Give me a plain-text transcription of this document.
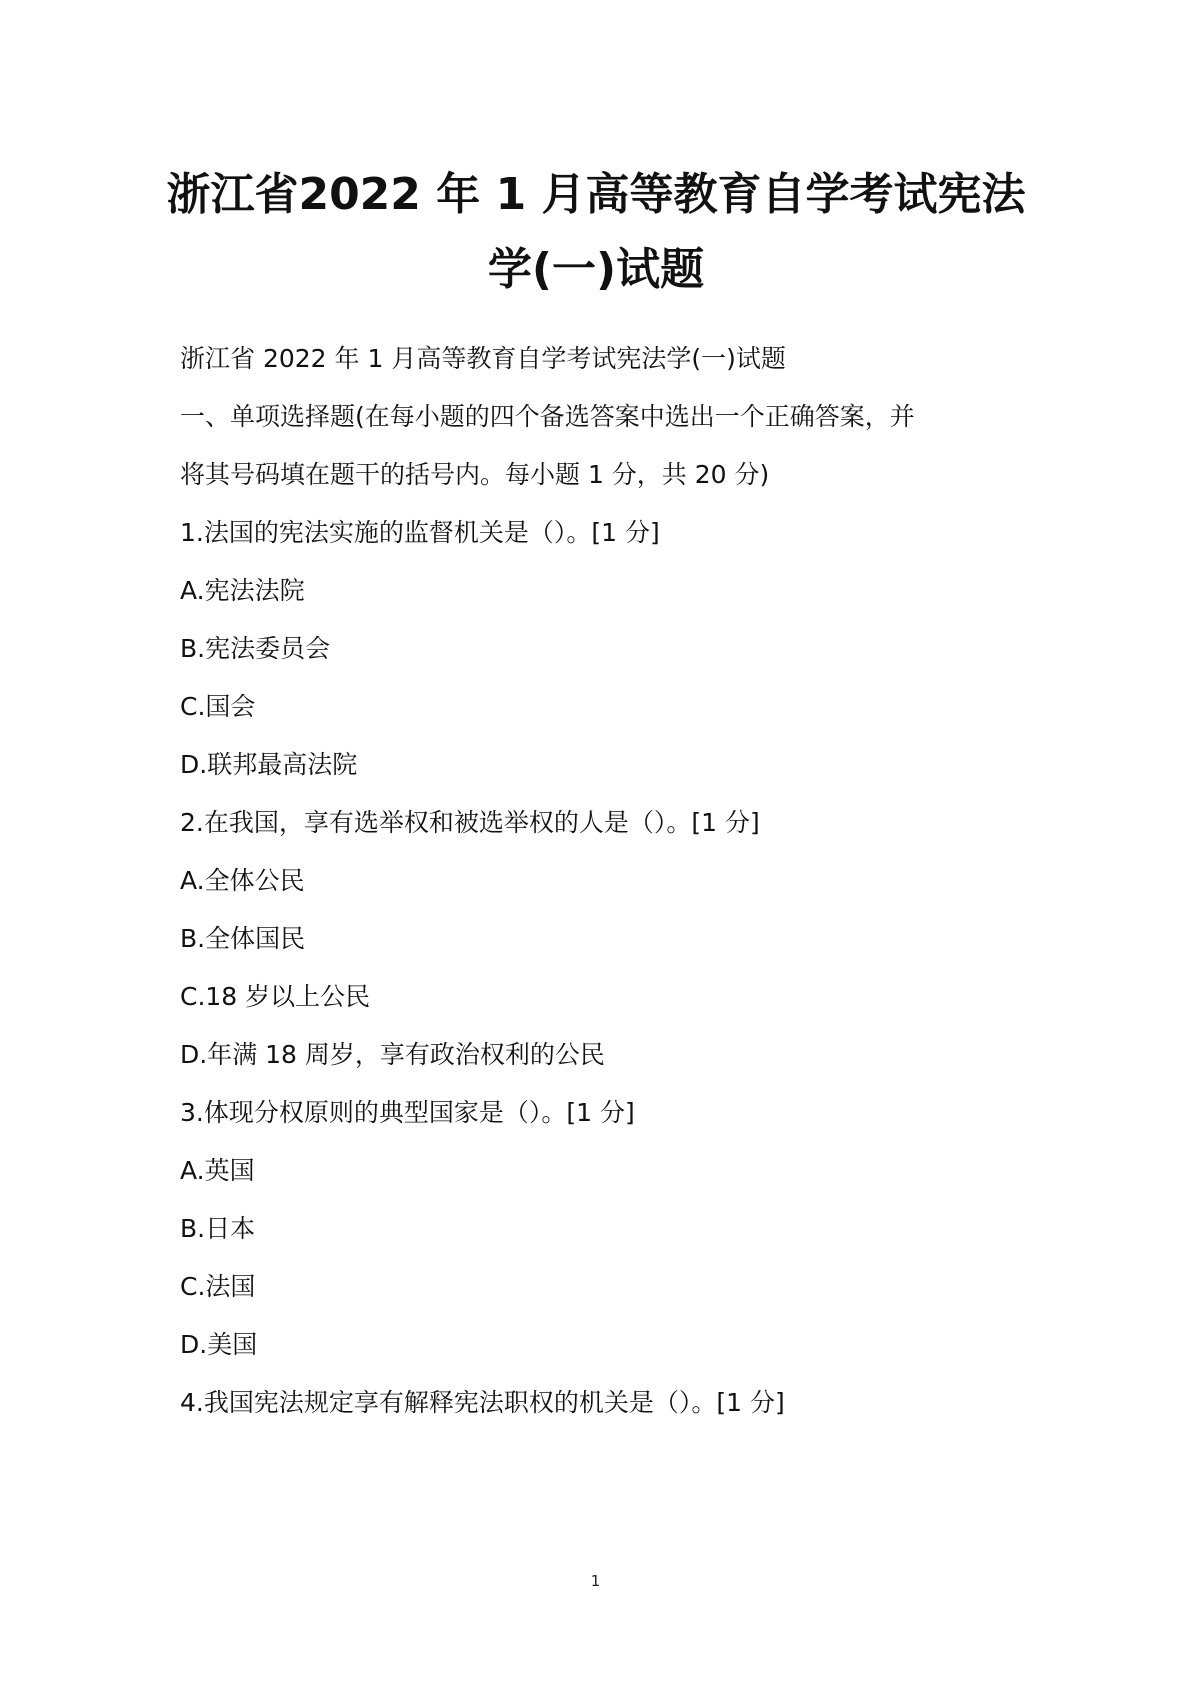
浙江省2022 年 1 月高等教育自学考试宪法
学(一)试题

浙江省 2022 年 1 月高等教育自学考试宪法学(一)试题

一、单项选择题(在每小题的四个备选答案中选出一个正确答案，并

将其号码填在题干的括号内。每小题 1 分，共 20 分)

1.法国的宪法实施的监督机关是（）。[1 分]

A.宪法法院

B.宪法委员会

C.国会

D.联邦最高法院

2.在我国，享有选举权和被选举权的人是（）。[1 分]

A.全体公民

B.全体国民

C.18 岁以上公民

D.年满 18 周岁，享有政治权利的公民

3.体现分权原则的典型国家是（）。[1 分]

A.英国

B.日本

C.法国

D.美国

4.我国宪法规定享有解释宪法职权的机关是（）。[1 分]

1
